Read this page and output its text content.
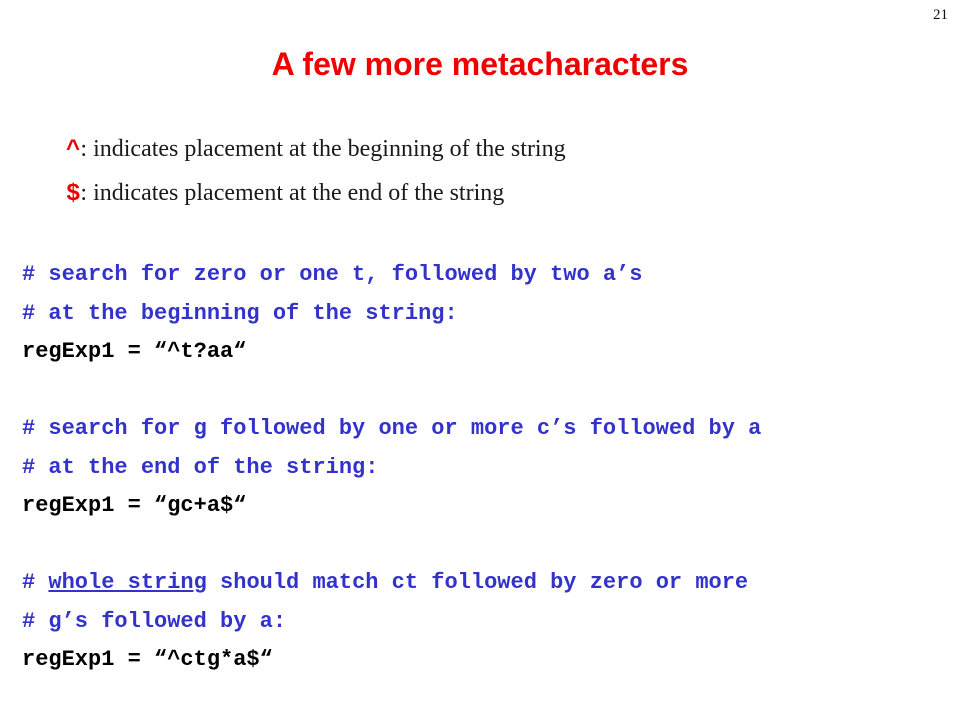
21
A few more metacharacters
^: indicates placement at the beginning of the string
$: indicates placement at the end of the string
# search for zero or one t, followed by two a’s
# at the beginning of the string:
regExp1 = “^t?aa“
# search for g followed by one or more c’s followed by a
# at the end of the string:
regExp1 = “gc+a$“
# whole string should match ct followed by zero or more
# g’s followed by a:
regExp1 = “^ctg*a$“
